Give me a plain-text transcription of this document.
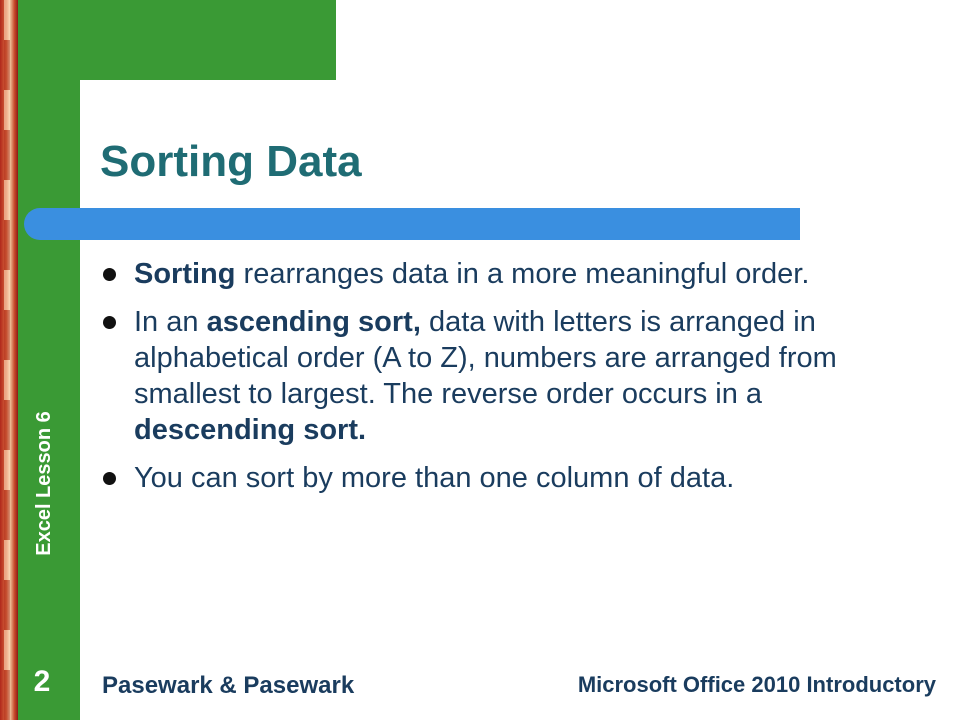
Excel Lesson 6
Sorting Data
Sorting rearranges data in a more meaningful order.
In an ascending sort, data with letters is arranged in alphabetical order (A to Z), numbers are arranged from smallest to largest. The reverse order occurs in a descending sort.
You can sort by more than one column of data.
2	Pasewark & Pasewark	Microsoft Office 2010 Introductory
